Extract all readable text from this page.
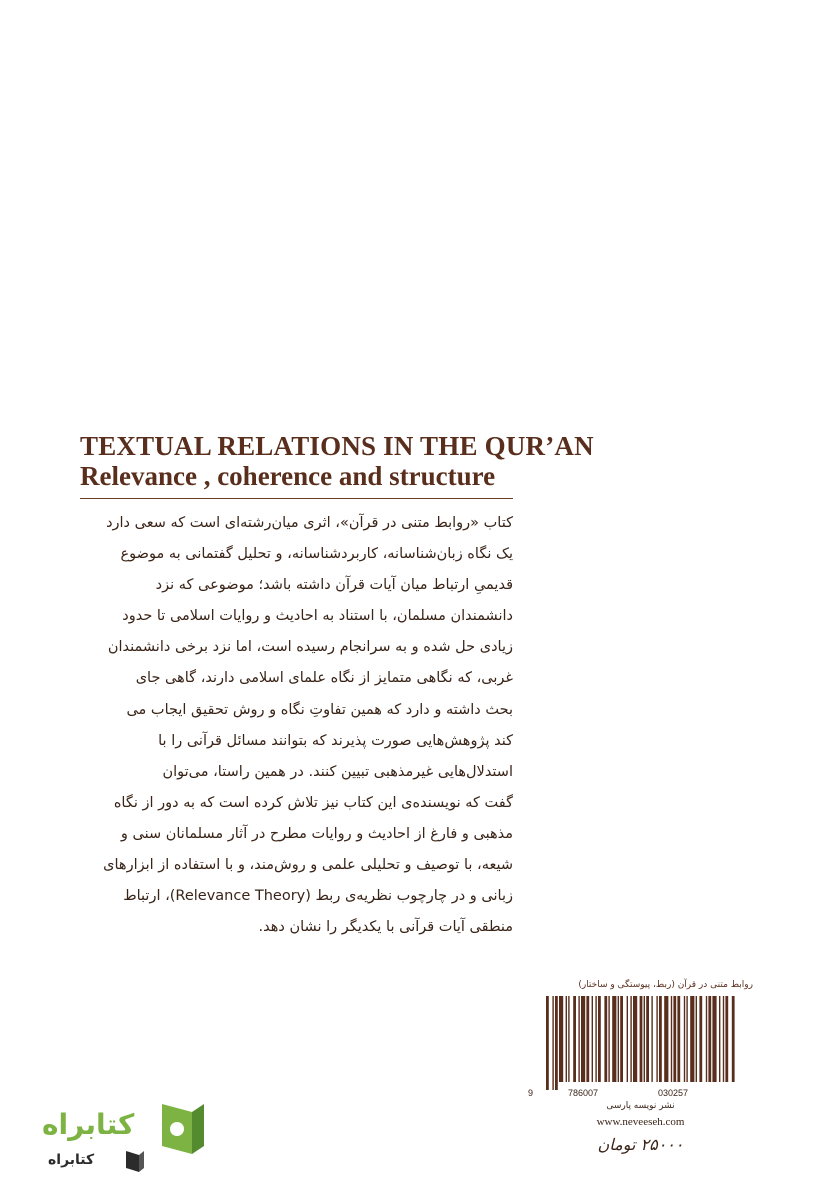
TEXTUAL RELATIONS IN THE QUR’AN
Relevance , coherence and structure

کتاب «روابط متنی در قرآن»، اثری میان‌رشته‌ای است که سعی دارد

یک نگاه زبان‌شناسانه، کاربردشناسانه، و تحلیل گفتمانی به موضوع

قدیمیِ ارتباط میان آیات قرآن داشته باشد؛ موضوعی که نزد

دانشمندان مسلمان، با استناد به احادیث و روایات اسلامی تا حدود

زیادی حل شده و به سرانجام رسیده است، اما نزد برخی دانشمندان

غربی، که نگاهی متمایز از نگاه علمای اسلامی دارند، گاهی جای

بحث داشته و دارد که همین تفاوتِ نگاه و روش تحقیق ایجاب می

کند پژوهش‌هایی صورت پذیرند که بتوانند مسائل قرآنی را با

استدلال‌هایی غیرمذهبی تبیین کنند. در همین راستا، می‌توان

گفت که نویسنده‌ی این کتاب نیز تلاش کرده است که به دور از نگاه

مذهبی و فارغ از احادیث و روایات مطرح در آثار مسلمانان سنی و

شیعه، با توصیف و تحلیلی علمی و روش‌مند، و با استفاده از ابزارهای

زبانی و در چارچوب نظریه‌ی ربط (Relevance Theory)، ارتباط

منطقی آیات قرآنی با یکدیگر را نشان دهد.

روابط متنی در قرآن (ربط، پیوستگی و ساختار)
9	786007	030257
نشر نویسه پارسی
www.neveeseh.com
۲۵۰۰۰ تومان
کتابراه
کتابراه
